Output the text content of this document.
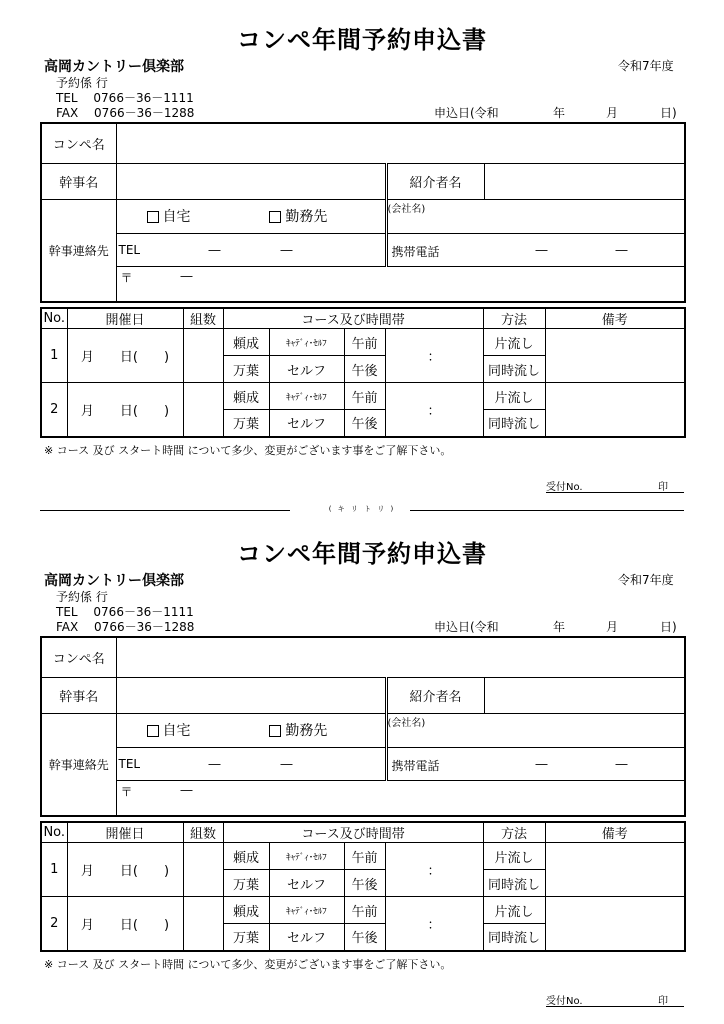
コンペ年間予約申込書
高岡カントリー倶楽部	令和7年度
予約係 行
TEL　 0766－36－1111
FAX　 0766－36－1288	申込日(令和	年	月	日)
コンペ名			
幹事名		紹介者名	
幹事連絡先	自宅 勤務先	(会社名)	

	TEL ― ―	携帯電話 ― ―	

	〒 ―		
No.	開催日	組数	コース及び時間帯				方法	備考
1	月　　日(　　)		頼成	ｷｬﾃﾞｨ･ｾﾙﾌ	午前	：	片流し	
			万葉	セルフ	午後		同時流し	
2	月　　日(　　)		頼成	ｷｬﾃﾞｨ･ｾﾙﾌ	午前	：	片流し	
			万葉	セルフ	午後		同時流し	
※ コース 及び スタート時間 について多少、変更がございます事をご了解下さい。
受付No.	印
( キ リ ト リ )
コンペ年間予約申込書
高岡カントリー倶楽部	令和7年度
予約係 行
TEL　 0766－36－1111
FAX　 0766－36－1288	申込日(令和	年	月	日)
コンペ名			
幹事名		紹介者名	
幹事連絡先	自宅 勤務先	(会社名)	

	TEL ― ―	携帯電話 ― ―	

	〒 ―		
No.	開催日	組数	コース及び時間帯				方法	備考
1	月　　日(　　)		頼成	ｷｬﾃﾞｨ･ｾﾙﾌ	午前	：	片流し	
			万葉	セルフ	午後		同時流し	
2	月　　日(　　)		頼成	ｷｬﾃﾞｨ･ｾﾙﾌ	午前	：	片流し	
			万葉	セルフ	午後		同時流し	
※ コース 及び スタート時間 について多少、変更がございます事をご了解下さい。
受付No.	印
